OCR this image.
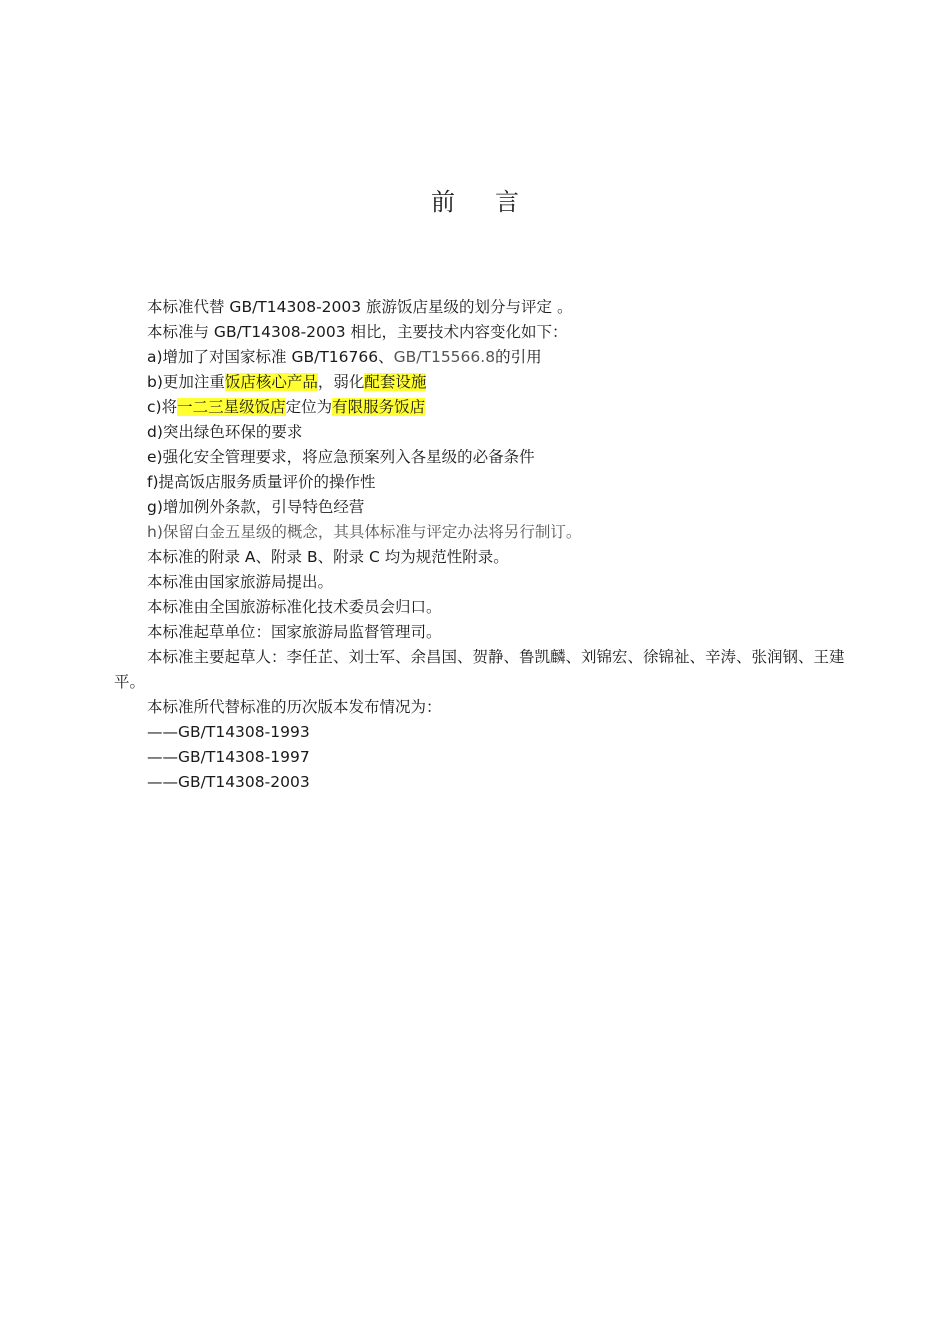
前 言

本标准代替 GB/T14308-2003 旅游饭店星级的划分与评定 。

本标准与 GB/T14308-2003 相比，主要技术内容变化如下：

a)增加了对国家标准 GB/T16766、GB/T15566.8的引用

b)更加注重饭店核心产品，弱化配套设施

c)将一二三星级饭店定位为有限服务饭店

d)突出绿色环保的要求

e)强化安全管理要求，将应急预案列入各星级的必备条件

f)提高饭店服务质量评价的操作性

g)增加例外条款，引导特色经营

h)保留白金五星级的概念，其具体标准与评定办法将另行制订。

本标准的附录 A、附录 B、附录 C 均为规范性附录。

本标准由国家旅游局提出。

本标准由全国旅游标准化技术委员会归口。

本标准起草单位：国家旅游局监督管理司。

本标准主要起草人：李任芷、刘士军、余昌国、贺静、鲁凯麟、刘锦宏、徐锦祉、辛涛、张润钢、王建平。

本标准所代替标准的历次版本发布情况为：

——GB/T14308-1993

——GB/T14308-1997

——GB/T14308-2003
